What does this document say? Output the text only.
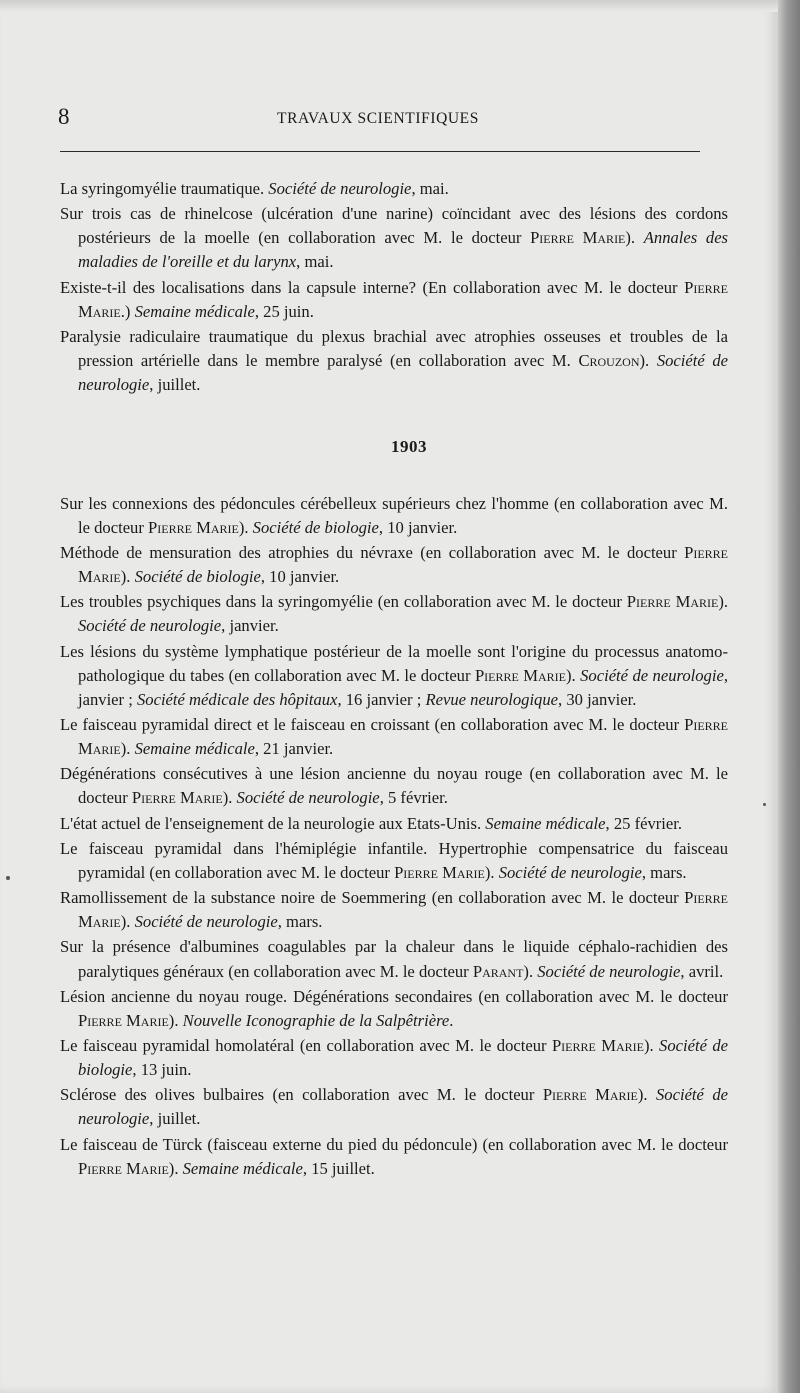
8	TRAVAUX SCIENTIFIQUES
La syringomyélie traumatique. Société de neurologie, mai.
Sur trois cas de rhinelcose (ulcération d'une narine) coïncidant avec des lésions des cordons postérieurs de la moelle (en collaboration avec M. le docteur Pierre Marie). Annales des maladies de l'oreille et du larynx, mai.
Existe-t-il des localisations dans la capsule interne? (En collaboration avec M. le docteur Pierre Marie.) Semaine médicale, 25 juin.
Paralysie radiculaire traumatique du plexus brachial avec atrophies osseuses et troubles de la pression artérielle dans le membre paralysé (en collaboration avec M. Crouzon). Société de neurologie, juillet.
1903
Sur les connexions des pédoncules cérébelleux supérieurs chez l'homme (en collaboration avec M. le docteur Pierre Marie). Société de biologie, 10 janvier.
Méthode de mensuration des atrophies du névraxe (en collaboration avec M. le docteur Pierre Marie). Société de biologie, 10 janvier.
Les troubles psychiques dans la syringomyélie (en collaboration avec M. le docteur Pierre Marie). Société de neurologie, janvier.
Les lésions du système lymphatique postérieur de la moelle sont l'origine du processus anatomo-pathologique du tabes (en collaboration avec M. le docteur Pierre Marie). Société de neurologie, janvier ; Société médicale des hôpitaux, 16 janvier ; Revue neurologique, 30 janvier.
Le faisceau pyramidal direct et le faisceau en croissant (en collaboration avec M. le docteur Pierre Marie). Semaine médicale, 21 janvier.
Dégénérations consécutives à une lésion ancienne du noyau rouge (en collaboration avec M. le docteur Pierre Marie). Société de neurologie, 5 février.
L'état actuel de l'enseignement de la neurologie aux Etats-Unis. Semaine médicale, 25 février.
Le faisceau pyramidal dans l'hémiplégie infantile. Hypertrophie compensatrice du faisceau pyramidal (en collaboration avec M. le docteur Pierre Marie). Société de neurologie, mars.
Ramollissement de la substance noire de Soemmering (en collaboration avec M. le docteur Pierre Marie). Société de neurologie, mars.
Sur la présence d'albumines coagulables par la chaleur dans le liquide céphalo-rachidien des paralytiques généraux (en collaboration avec M. le docteur Parant). Société de neurologie, avril.
Lésion ancienne du noyau rouge. Dégénérations secondaires (en collaboration avec M. le docteur Pierre Marie). Nouvelle Iconographie de la Salpêtrière.
Le faisceau pyramidal homolatéral (en collaboration avec M. le docteur Pierre Marie). Société de biologie, 13 juin.
Sclérose des olives bulbaires (en collaboration avec M. le docteur Pierre Marie). Société de neurologie, juillet.
Le faisceau de Türck (faisceau externe du pied du pédoncule) (en collaboration avec M. le docteur Pierre Marie). Semaine médicale, 15 juillet.
